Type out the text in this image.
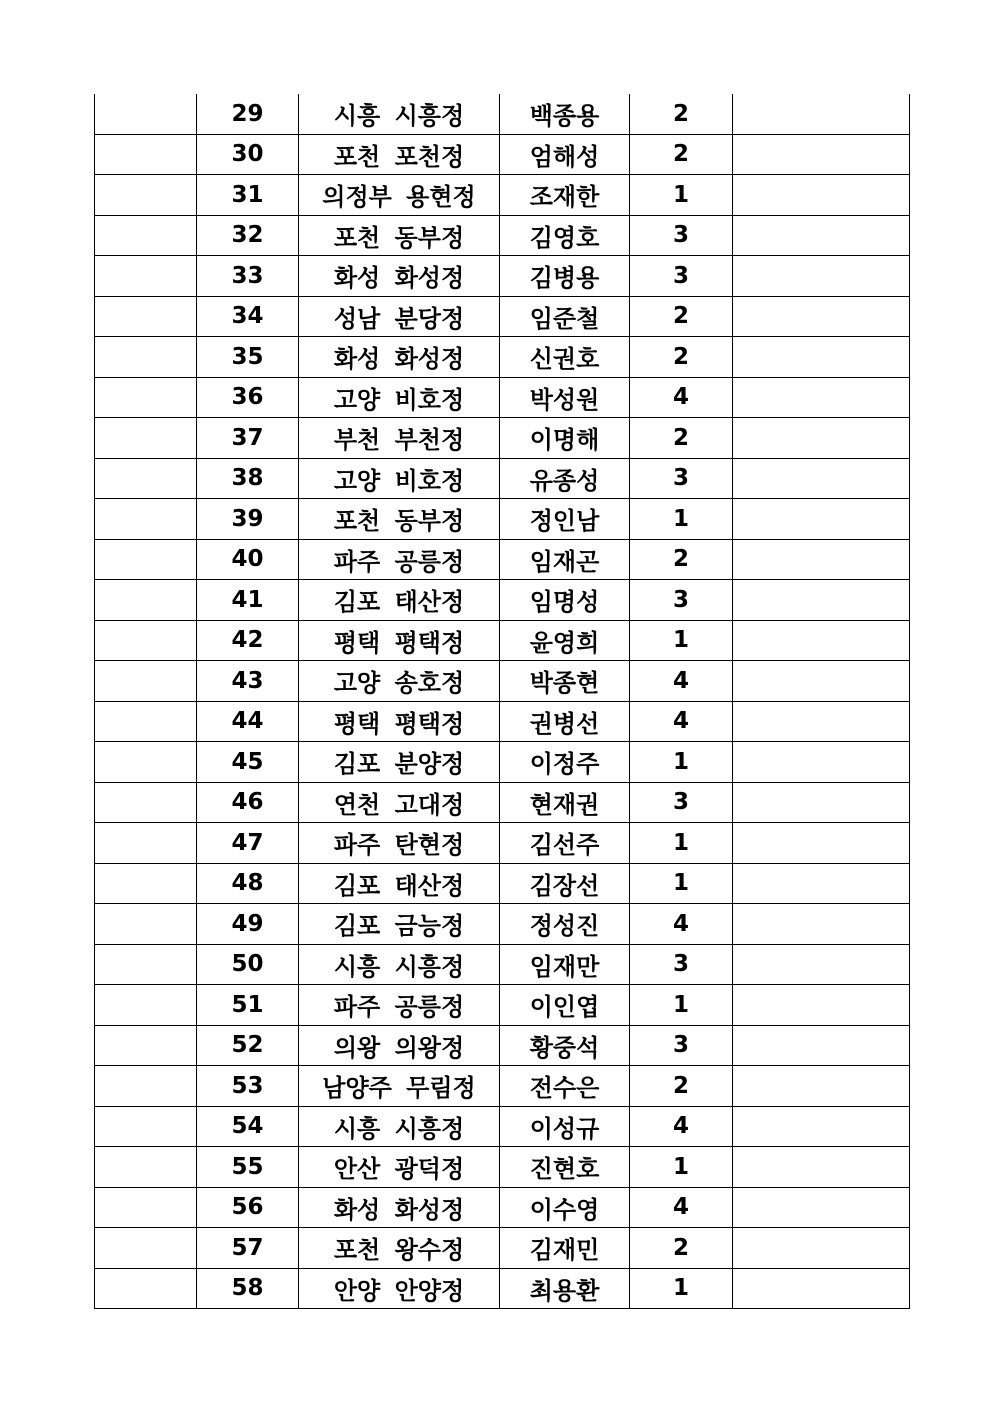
	29	시흥 시흥정	백종용	2	
	30	포천 포천정	엄해성	2	
	31	의정부 용현정	조재한	1	
	32	포천 동부정	김영호	3	
	33	화성 화성정	김병용	3	
	34	성남 분당정	임준철	2	
	35	화성 화성정	신권호	2	
	36	고양 비호정	박성원	4	
	37	부천 부천정	이명해	2	
	38	고양 비호정	유종성	3	
	39	포천 동부정	정인남	1	
	40	파주 공릉정	임재곤	2	
	41	김포 태산정	임명성	3	
	42	평택 평택정	윤영희	1	
	43	고양 송호정	박종현	4	
	44	평택 평택정	권병선	4	
	45	김포 분양정	이정주	1	
	46	연천 고대정	현재권	3	
	47	파주 탄현정	김선주	1	
	48	김포 태산정	김장선	1	
	49	김포 금능정	정성진	4	
	50	시흥 시흥정	임재만	3	
	51	파주 공릉정	이인엽	1	
	52	의왕 의왕정	황중석	3	
	53	남양주 무림정	전수은	2	
	54	시흥 시흥정	이성규	4	
	55	안산 광덕정	진현호	1	
	56	화성 화성정	이수영	4	
	57	포천 왕수정	김재민	2	
	58	안양 안양정	최용환	1	
